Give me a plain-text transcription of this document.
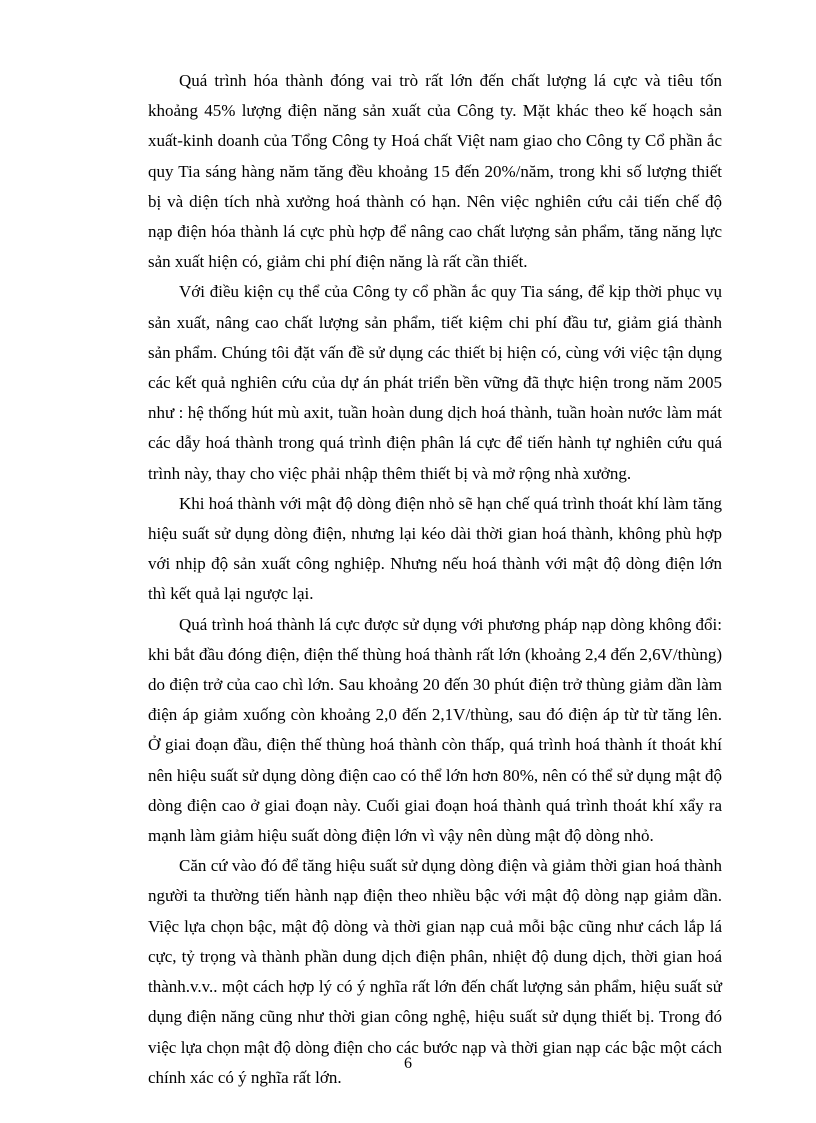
Quá trình hóa thành đóng vai trò rất lớn đến chất lượng lá cực và tiêu tốn khoảng 45% lượng điện năng sản xuất của Công ty. Mặt khác theo kế hoạch sản xuất-kinh doanh của Tổng Công ty Hoá chất Việt nam giao cho Công ty Cổ phần ắc quy Tia sáng hàng năm tăng đều khoảng 15 đến 20%/năm, trong khi số lượng thiết bị và diện tích nhà xưởng hoá thành có hạn. Nên việc nghiên cứu cải tiến chế độ nạp điện hóa thành lá cực phù hợp để nâng cao chất lượng sản phẩm, tăng năng lực sản xuất hiện có, giảm chi phí điện năng là rất cần thiết.

Với điều kiện cụ thể của Công ty cổ phần ắc quy Tia sáng, để kịp thời phục vụ sản xuất, nâng cao chất lượng sản phẩm, tiết kiệm chi phí đầu tư, giảm giá thành sản phẩm. Chúng tôi đặt vấn đề sử dụng các thiết bị hiện có, cùng với việc tận dụng các kết quả nghiên cứu của dự án phát triển bền vững đã thực hiện trong năm 2005 như : hệ thống hút mù axit, tuần hoàn dung dịch hoá thành, tuần hoàn nước làm mát các dẫy hoá thành trong quá trình điện phân lá cực để tiến hành tự nghiên cứu quá trình này, thay cho việc phải nhập thêm thiết bị và mở rộng nhà xưởng.

Khi hoá thành với mật độ dòng điện nhỏ sẽ hạn chế quá trình thoát khí làm tăng hiệu suất sử dụng dòng điện, nhưng lại kéo dài thời gian hoá thành, không phù hợp với nhịp độ sản xuất công nghiệp. Nhưng nếu hoá thành với mật độ dòng điện lớn thì kết quả lại ngược lại.

Quá trình hoá thành lá cực được sử dụng với phương pháp nạp dòng không đổi: khi bắt đầu đóng điện, điện thế thùng hoá thành rất lớn (khoảng 2,4 đến 2,6V/thùng) do điện trở của cao chì lớn. Sau khoảng 20 đến 30 phút điện trở thùng giảm dần làm điện áp giảm xuống còn khoảng 2,0 đến 2,1V/thùng, sau đó điện áp từ từ tăng lên. Ở giai đoạn đầu, điện thế thùng hoá thành còn thấp, quá trình hoá thành ít thoát khí nên hiệu suất sử dụng dòng điện cao có thể lớn hơn 80%, nên có thể sử dụng mật độ dòng điện cao ở giai đoạn này. Cuối giai đoạn hoá thành quá trình thoát khí xẩy ra mạnh làm giảm hiệu suất dòng điện lớn vì vậy nên dùng mật độ dòng nhỏ.

Căn cứ vào đó để tăng hiệu suất sử dụng dòng điện và giảm thời gian hoá thành người ta thường tiến hành nạp điện theo nhiều bậc với mật độ dòng nạp giảm dần. Việc lựa chọn bậc, mật độ dòng và thời gian nạp cuả mỗi bậc cũng như cách lắp lá cực, tỷ trọng và thành phần dung dịch điện phân, nhiệt độ dung dịch, thời gian hoá thành.v.v.. một cách hợp lý có ý nghĩa rất lớn đến chất lượng sản phẩm, hiệu suất sử dụng điện năng cũng như thời gian công nghệ, hiệu suất sử dụng thiết bị. Trong đó việc lựa chọn mật độ dòng điện cho các bước nạp và thời gian nạp các bậc một cách chính xác có ý nghĩa rất lớn.

6
